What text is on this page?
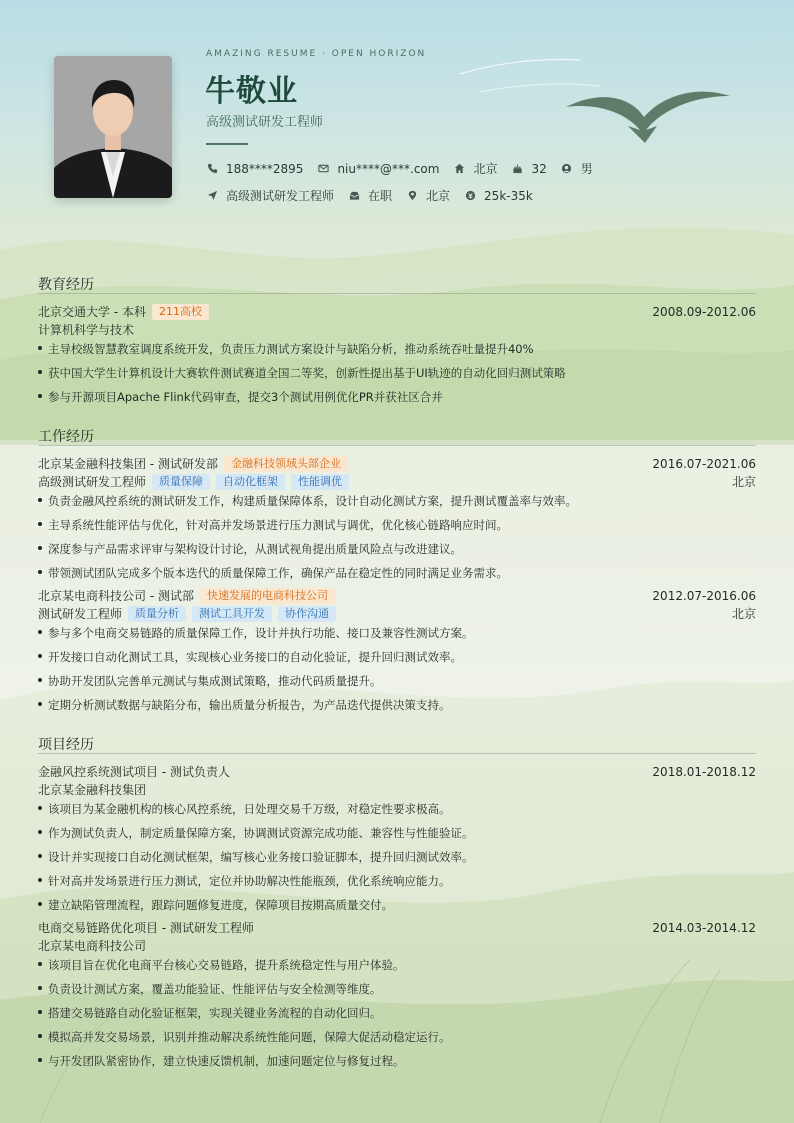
AMAZING RESUME · OPEN HORIZON
牛敬业
高级测试研发工程师
188****2895	niu****@***.com	北京	32	男
高级测试研发工程师	在职	北京	25k-35k
教育经历
北京交通大学 - 本科	211高校	2008.09-2012.06
计算机科学与技术
主导校级智慧教室调度系统开发，负责压力测试方案设计与缺陷分析，推动系统吞吐量提升40%
获中国大学生计算机设计大赛软件测试赛道全国二等奖，创新性提出基于UI轨迹的自动化回归测试策略
参与开源项目Apache Flink代码审查，提交3个测试用例优化PR并获社区合并
工作经历
北京某金融科技集团 - 测试研发部	金融科技领域头部企业	2016.07-2021.06
高级测试研发工程师	质量保障	自动化框架	性能调优	北京
负责金融风控系统的测试研发工作，构建质量保障体系，设计自动化测试方案，提升测试覆盖率与效率。
主导系统性能评估与优化，针对高并发场景进行压力测试与调优，优化核心链路响应时间。
深度参与产品需求评审与架构设计讨论，从测试视角提出质量风险点与改进建议。
带领测试团队完成多个版本迭代的质量保障工作，确保产品在稳定性的同时满足业务需求。
北京某电商科技公司 - 测试部	快速发展的电商科技公司	2012.07-2016.06
测试研发工程师	质量分析	测试工具开发	协作沟通	北京
参与多个电商交易链路的质量保障工作，设计并执行功能、接口及兼容性测试方案。
开发接口自动化测试工具，实现核心业务接口的自动化验证，提升回归测试效率。
协助开发团队完善单元测试与集成测试策略，推动代码质量提升。
定期分析测试数据与缺陷分布，输出质量分析报告，为产品迭代提供决策支持。
项目经历
金融风控系统测试项目 - 测试负责人	2018.01-2018.12
北京某金融科技集团
该项目为某金融机构的核心风控系统，日处理交易千万级，对稳定性要求极高。
作为测试负责人，制定质量保障方案，协调测试资源完成功能、兼容性与性能验证。
设计并实现接口自动化测试框架，编写核心业务接口验证脚本，提升回归测试效率。
针对高并发场景进行压力测试，定位并协助解决性能瓶颈，优化系统响应能力。
建立缺陷管理流程，跟踪问题修复进度，保障项目按期高质量交付。
电商交易链路优化项目 - 测试研发工程师	2014.03-2014.12
北京某电商科技公司
该项目旨在优化电商平台核心交易链路，提升系统稳定性与用户体验。
负责设计测试方案，覆盖功能验证、性能评估与安全检测等维度。
搭建交易链路自动化验证框架，实现关键业务流程的自动化回归。
模拟高并发交易场景，识别并推动解决系统性能问题，保障大促活动稳定运行。
与开发团队紧密协作，建立快速反馈机制，加速问题定位与修复过程。
